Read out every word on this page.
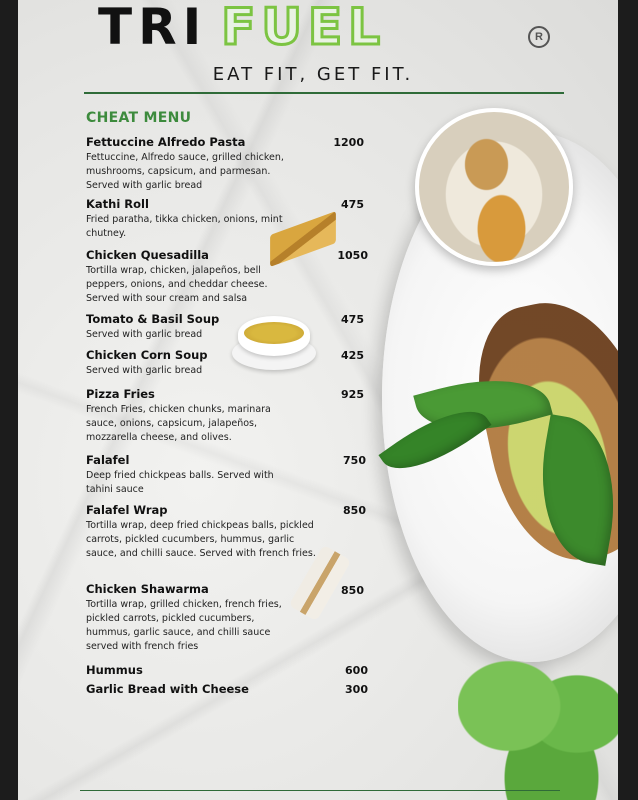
TRI FUEL	R
EAT FIT, GET FIT.
CHEAT MENU
Fettuccine Alfredo Pasta
Fettuccine, Alfredo sauce, grilled chicken, mushrooms, capsicum, and parmesan. Served with garlic bread
1200
Kathi Roll
Fried paratha, tikka chicken, onions, mint chutney.
475
Chicken Quesadilla
Tortilla wrap, chicken, jalapeños, bell peppers, onions, and cheddar cheese. Served with sour cream and salsa
1050
Tomato & Basil Soup
Served with garlic bread
475
Chicken Corn Soup
Served with garlic bread
425
Pizza Fries
French Fries, chicken chunks, marinara sauce, onions, capsicum, jalapeños, mozzarella cheese, and olives.
925
Falafel
Deep fried chickpeas balls. Served with tahini sauce
750
Falafel Wrap
Tortilla wrap, deep fried chickpeas balls, pickled carrots, pickled cucumbers, hummus, garlic sauce, and chilli sauce. Served with french fries.
850
Chicken Shawarma
Tortilla wrap, grilled chicken, french fries, pickled carrots, pickled cucumbers, hummus, garlic sauce, and chilli sauce served with french fries
850
Hummus	600
Garlic Bread with Cheese	300
